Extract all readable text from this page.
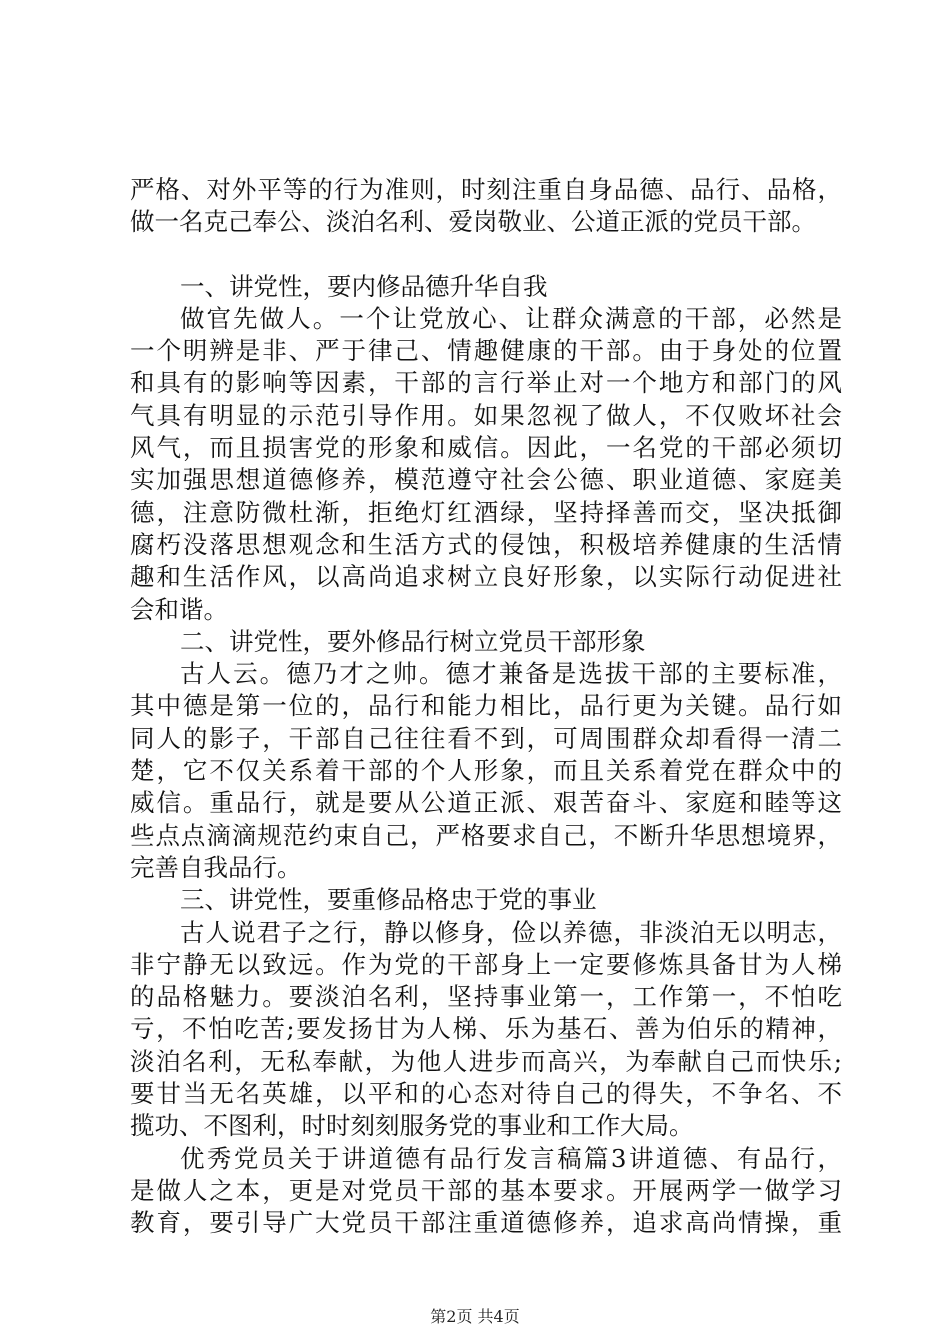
严格、对外平等的行为准则，时刻注重自身品德、品行、品格，
做一名克己奉公、淡泊名利、爱岗敬业、公道正派的党员干部。
一、讲党性，要内修品德升华自我
做官先做人。一个让党放心、让群众满意的干部，必然是
一个明辨是非、严于律己、情趣健康的干部。由于身处的位置
和具有的影响等因素，干部的言行举止对一个地方和部门的风
气具有明显的示范引导作用。如果忽视了做人，不仅败坏社会
风气，而且损害党的形象和威信。因此，一名党的干部必须切
实加强思想道德修养，模范遵守社会公德、职业道德、家庭美
德，注意防微杜渐，拒绝灯红酒绿，坚持择善而交，坚决抵御
腐朽没落思想观念和生活方式的侵蚀，积极培养健康的生活情
趣和生活作风，以高尚追求树立良好形象，以实际行动促进社
会和谐。
二、讲党性，要外修品行树立党员干部形象
古人云。德乃才之帅。德才兼备是选拔干部的主要标准，
其中德是第一位的，品行和能力相比，品行更为关键。品行如
同人的影子，干部自己往往看不到，可周围群众却看得一清二
楚，它不仅关系着干部的个人形象，而且关系着党在群众中的
威信。重品行，就是要从公道正派、艰苦奋斗、家庭和睦等这
些点点滴滴规范约束自己，严格要求自己，不断升华思想境界，
完善自我品行。
三、讲党性，要重修品格忠于党的事业
古人说君子之行，静以修身，俭以养德，非淡泊无以明志，
非宁静无以致远。作为党的干部身上一定要修炼具备甘为人梯
的品格魅力。要淡泊名利，坚持事业第一，工作第一，不怕吃
亏，不怕吃苦;要发扬甘为人梯、乐为基石、善为伯乐的精神，
淡泊名利，无私奉献，为他人进步而高兴，为奉献自己而快乐;
要甘当无名英雄，以平和的心态对待自己的得失，不争名、不
揽功、不图利，时时刻刻服务党的事业和工作大局。
优秀党员关于讲道德有品行发言稿篇3讲道德、有品行，
是做人之本，更是对党员干部的基本要求。开展两学一做学习
教育，要引导广大党员干部注重道德修养，追求高尚情操，重
第2页 共4页
